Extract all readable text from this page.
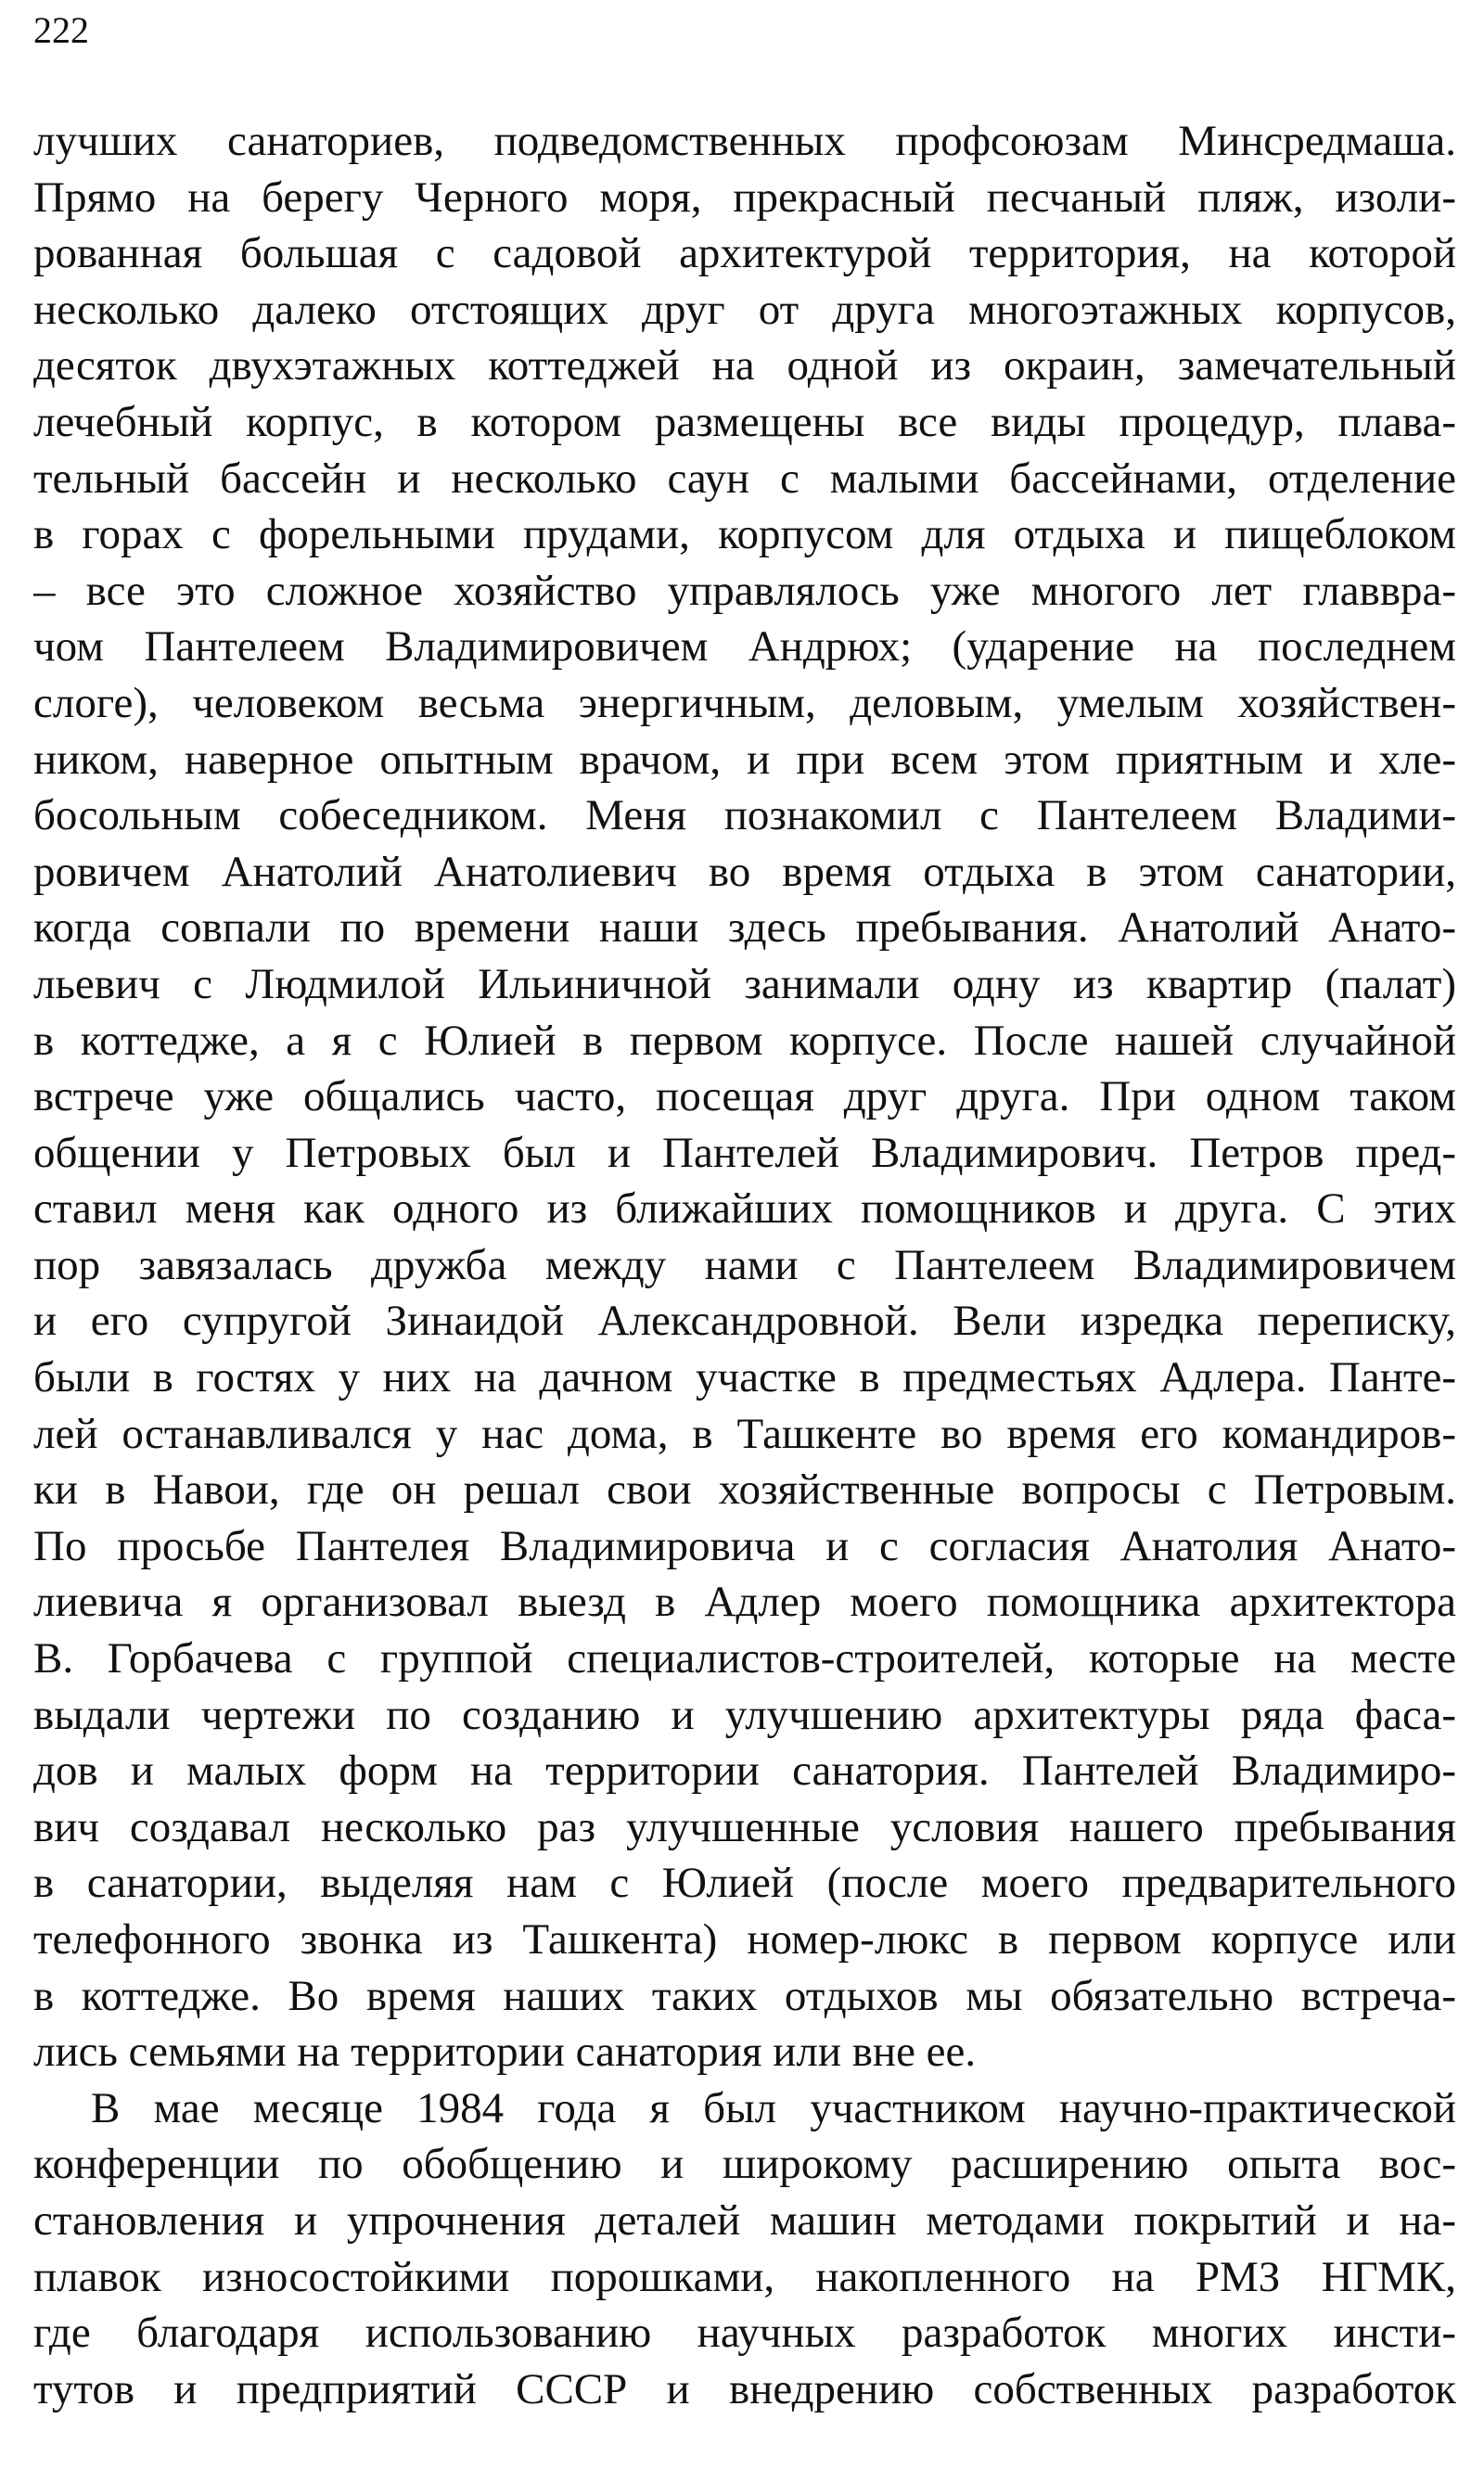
222
лучших санаториев, подведомственных профсоюзам Минсредмаша.
Прямо на берегу Черного моря, прекрасный песчаный пляж, изоли-
рованная большая с садовой архитектурой территория, на которой
несколько далеко отстоящих друг от друга многоэтажных корпусов,
десяток двухэтажных коттеджей на одной из окраин, замечательный
лечебный корпус, в котором размещены все виды процедур, плава-
тельный бассейн и несколько саун с малыми бассейнами, отделение
в горах с форельными прудами, корпусом для отдыха и пищеблоком
– все это сложное хозяйство управлялось уже многого лет главвра-
чом Пантелеем Владимировичем Андрюх; (ударение на последнем
слоге), человеком весьма энергичным, деловым, умелым хозяйствен-
ником, наверное опытным врачом, и при всем этом приятным и хле-
босольным собеседником. Меня познакомил с Пантелеем Владими-
ровичем Анатолий Анатолиевич во время отдыха в этом санатории,
когда совпали по времени наши здесь пребывания. Анатолий Анато-
льевич с Людмилой Ильиничной занимали одну из квартир (палат)
в коттедже, а я с Юлией в первом корпусе. После нашей случайной
встрече уже общались часто, посещая друг друга. При одном таком
общении у Петровых был и Пантелей Владимирович. Петров пред-
ставил меня как одного из ближайших помощников и друга. С этих
пор завязалась дружба между нами с Пантелеем Владимировичем
и его супругой Зинаидой Александровной. Вели изредка переписку,
были в гостях у них на дачном участке в предместьях Адлера. Панте-
лей останавливался у нас дома, в Ташкенте во время его командиров-
ки в Навои, где он решал свои хозяйственные вопросы с Петровым.
По просьбе Пантелея Владимировича и с согласия Анатолия Анато-
лиевича я организовал выезд в Адлер моего помощника архитектора
В. Горбачева с группой специалистов-строителей, которые на месте
выдали чертежи по созданию и улучшению архитектуры ряда фаса-
дов и малых форм на территории санатория. Пантелей Владимиро-
вич создавал несколько раз улучшенные условия нашего пребывания
в санатории, выделяя нам с Юлией (после моего предварительного
телефонного звонка из Ташкента) номер-люкс в первом корпусе или
в коттедже. Во время наших таких отдыхов мы обязательно встреча-
лись семьями на территории санатория или вне ее.
В мае месяце 1984 года я был участником научно-практической
конференции по обобщению и широкому расширению опыта вос-
становления и упрочнения деталей машин методами покрытий и на-
плавок износостойкими порошками, накопленного на РМЗ НГМК,
где благодаря использованию научных разработок многих инсти-
тутов и предприятий СССР и внедрению собственных разработок
